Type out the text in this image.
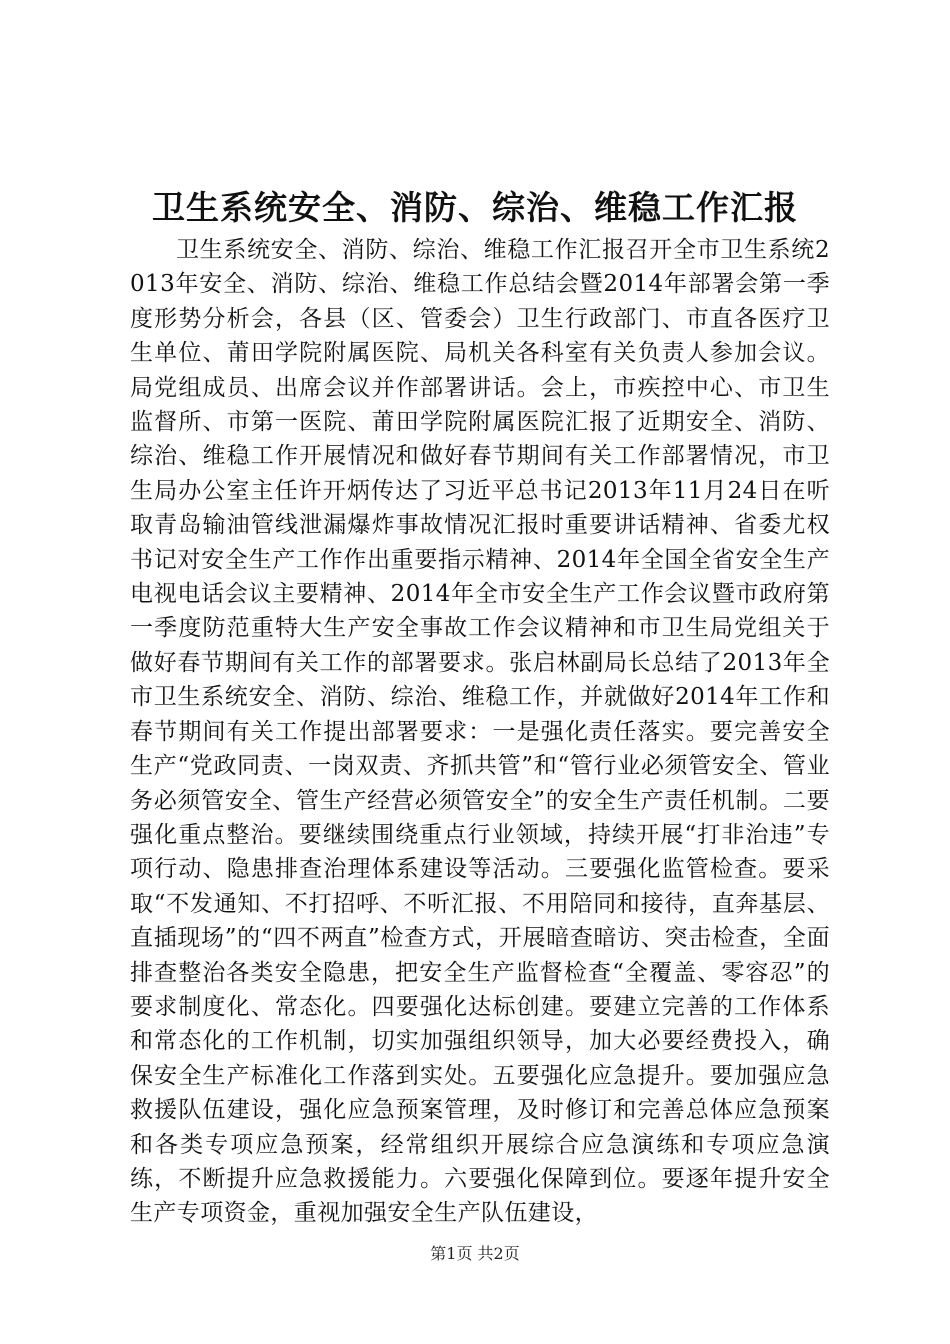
卫生系统安全、消防、综治、维稳工作汇报

卫生系统安全、消防、综治、维稳工作汇报召开全市卫生系统2013年安全、消防、综治、维稳工作总结会暨2014年部署会第一季度形势分析会，各县（区、管委会）卫生行政部门、市直各医疗卫生单位、莆田学院附属医院、局机关各科室有关负责人参加会议。局党组成员、出席会议并作部署讲话。会上，市疾控中心、市卫生监督所、市第一医院、莆田学院附属医院汇报了近期安全、消防、综治、维稳工作开展情况和做好春节期间有关工作部署情况，市卫生局办公室主任许开炳传达了习近平总书记2013年11月24日在听取青岛输油管线泄漏爆炸事故情况汇报时重要讲话精神、省委尤权书记对安全生产工作作出重要指示精神、2014年全国全省安全生产电视电话会议主要精神、2014年全市安全生产工作会议暨市政府第一季度防范重特大生产安全事故工作会议精神和市卫生局党组关于做好春节期间有关工作的部署要求。张启林副局长总结了2013年全市卫生系统安全、消防、综治、维稳工作，并就做好2014年工作和春节期间有关工作提出部署要求：一是强化责任落实。要完善安全生产“党政同责、一岗双责、齐抓共管”和“管行业必须管安全、管业务必须管安全、管生产经营必须管安全”的安全生产责任机制。二要强化重点整治。要继续围绕重点行业领域，持续开展“打非治违”专项行动、隐患排查治理体系建设等活动。三要强化监管检查。要采取“不发通知、不打招呼、不听汇报、不用陪同和接待，直奔基层、直插现场”的“四不两直”检查方式，开展暗查暗访、突击检查，全面排查整治各类安全隐患，把安全生产监督检查“全覆盖、零容忍”的要求制度化、常态化。四要强化达标创建。要建立完善的工作体系和常态化的工作机制，切实加强组织领导，加大必要经费投入，确保安全生产标准化工作落到实处。五要强化应急提升。要加强应急救援队伍建设，强化应急预案管理，及时修订和完善总体应急预案和各类专项应急预案，经常组织开展综合应急演练和专项应急演练，不断提升应急救援能力。六要强化保障到位。要逐年提升安全生产专项资金，重视加强安全生产队伍建设，

第1页 共2页
